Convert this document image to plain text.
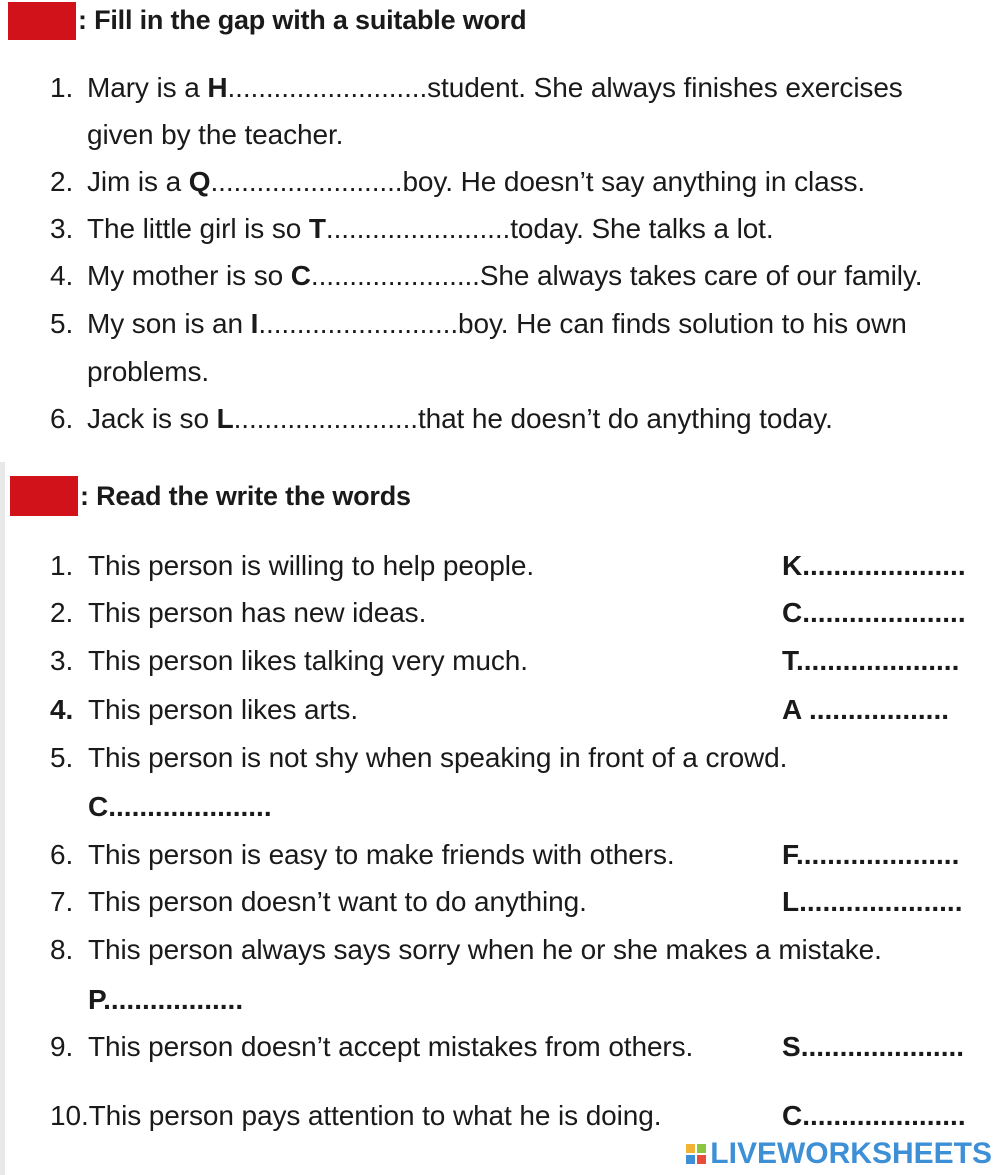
: Fill in the gap with a suitable word
1. Mary is a H..........................student. She always finishes exercises
given by the teacher.
2. Jim is a Q.........................boy. He doesn’t say anything in class.
3. The little girl is so T........................today. She talks a lot.
4. My mother is so C......................She always takes care of our family.
5. My son is an I..........................boy. He can finds solution to his own
problems.
6. Jack is so L........................that he doesn’t do anything today.
: Read the write the words
1. This person is willing to help people.	K.....................
2. This person has new ideas.	C.....................
3. This person likes talking very much.	T.....................
4. This person likes arts.	A ..................
5. This person is not shy when speaking in front of a crowd.
C.....................
6. This person is easy to make friends with others.	F.....................
7. This person doesn’t want to do anything.	L.....................
8. This person always says sorry when he or she makes a mistake.
P..................
9. This person doesn’t accept mistakes from others.	S.....................
10.This person pays attention to what he is doing.	C.....................
LIVEWORKSHEETS
